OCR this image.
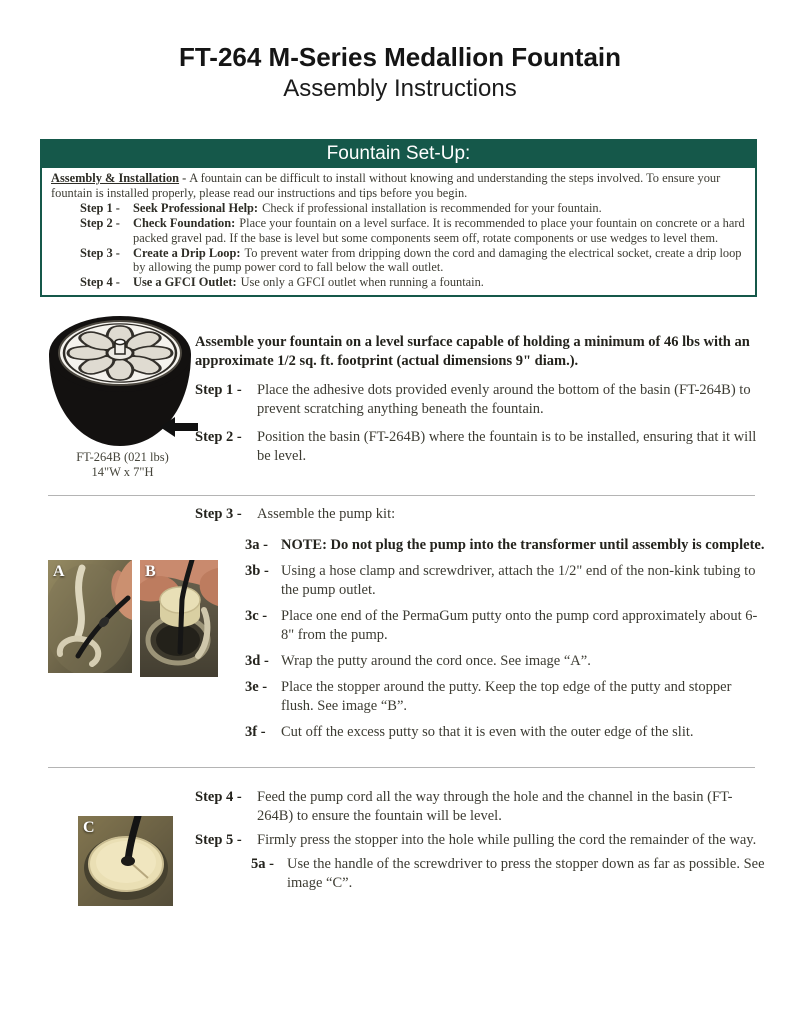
FT-264 M-Series Medallion Fountain
Assembly Instructions
Fountain Set-Up:

Assembly & Installation - A fountain can be difficult to install without knowing and understanding the steps involved. To ensure your fountain is installed properly, please read our instructions and tips before you begin.

Step 1 -	Seek Professional Help: Check if professional installation is recommended for your fountain.
Step 2 -	Check Foundation: Place your fountain on a level surface. It is recommended to place your fountain on concrete or a hard packed gravel pad. If the base is level but some components seem off, rotate components or use wedges to level them.
Step 3 -	Create a Drip Loop: To prevent water from dripping down the cord and damaging the electrical socket, create a drip loop by allowing the pump power cord to fall below the wall outlet.
Step 4 -	Use a GFCI Outlet: Use only a GFCI outlet when running a fountain.
FT-264B (021 lbs)
14"W x 7"H

Assemble your fountain on a level surface capable of holding a minimum of 46 lbs with an approximate 1/2 sq. ft. footprint (actual dimensions 9" diam.).

Step 1 -	Place the adhesive dots provided evenly around the bottom of the basin (FT-264B) to prevent scratching anything beneath the fountain.
Step 2 -	Position the basin (FT-264B) where the fountain is to be installed, ensuring that it will be level.
Step 3 -	Assemble the pump kit:
3a - NOTE: Do not plug the pump into the transformer until assembly is complete.
3b - Using a hose clamp and screwdriver, attach the 1/2" end of the non-kink tubing to the pump outlet.
3c - Place one end of the PermaGum putty onto the pump cord approximately about 6-8" from the pump.
3d - Wrap the putty around the cord once. See image “A”.
3e - Place the stopper around the putty. Keep the top edge of the putty and stopper flush. See image “B”.
3f -	Cut off the excess putty so that it is even with the outer edge of the slit.
A	B
Step 4 -	Feed the pump cord all the way through the hole and the channel in the basin (FT-264B) to ensure the fountain will be level.
Step 5 -	Firmly press the stopper into the hole while pulling the cord the remainder of the way.
5a - Use the handle of the screwdriver to press the stopper down as far as possible. See image “C”.
C
